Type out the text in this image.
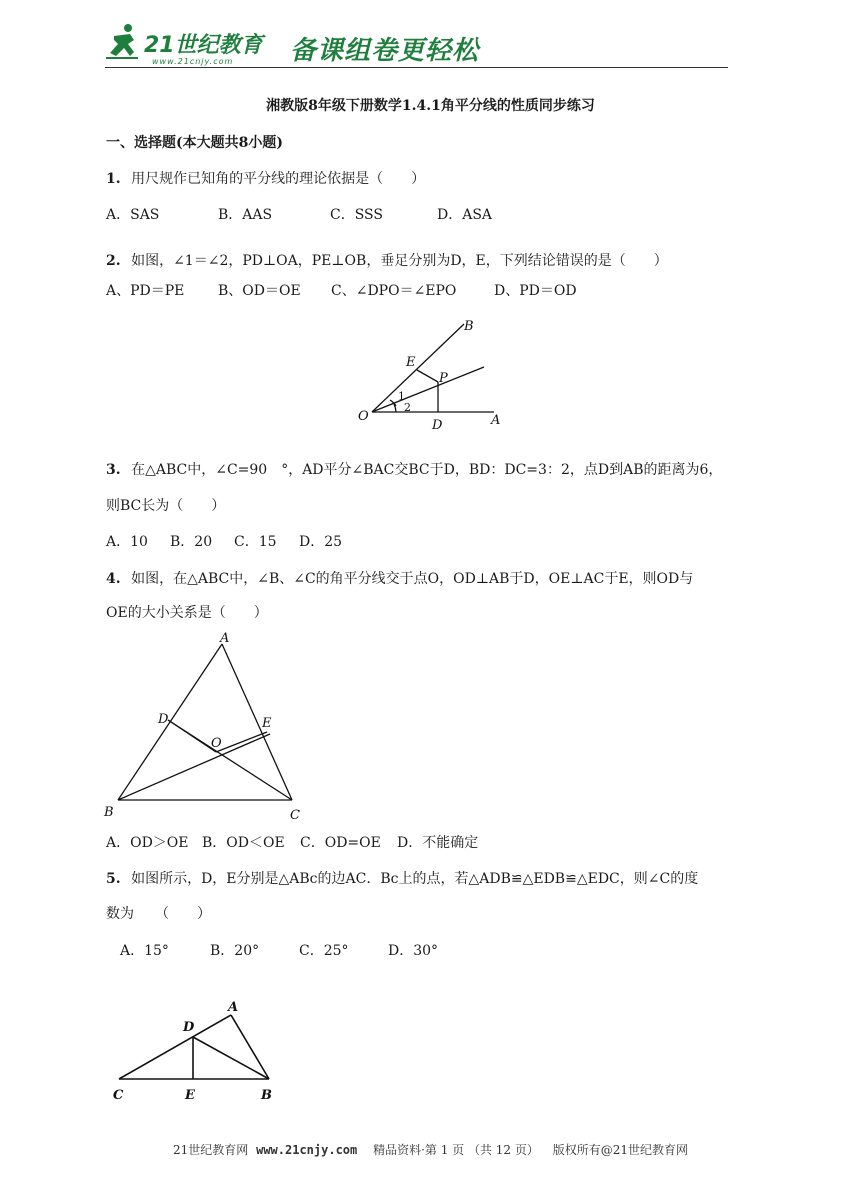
21世纪教育
www.21cnjy.com 备课组卷更轻松
湘教版8年级下册数学1.4.1角平分线的性质同步练习
一、选择题(本大题共8小题)
1. 用尺规作已知角的平分线的理论依据是（　　）
A．SAS	B．AAS	C．SSS	D．ASA
2. 如图，∠1＝∠2，PD⊥OA，PE⊥OB，垂足分别为D，E，下列结论错误的是（　　）
A、PD＝PE B、OD＝OE C、∠DPO＝∠EPO	D、PD＝OD
B
E
P
O
1
2
D	A
3. 在△ABC中，∠C=90　°，AD平分∠BAC交BC于D，BD：DC=3：2，点D到AB的距离为6，
则BC长为（　　）
A．10 B．20 C．15 D．25
4. 如图，在△ABC中，∠B、∠C的角平分线交于点O，OD⊥AB于D，OE⊥AC于E，则OD与
OE的大小关系是（　　）
A
D	E
O
B	C
A．OD＞OE B．OD＜OE C．OD=OE D．不能确定
5. 如图所示，D，E分别是△ABc的边AC．Bc上的点，若△ADB≌△EDB≌△EDC，则∠C的度
数为　　（　　）
A．15°	B．20°	C．25°	D．30°
A
D
C	E	B
21世纪教育网 www.21cnjy.com 精品资料·第 1 页 （共 12 页） 版权所有@21世纪教育网
